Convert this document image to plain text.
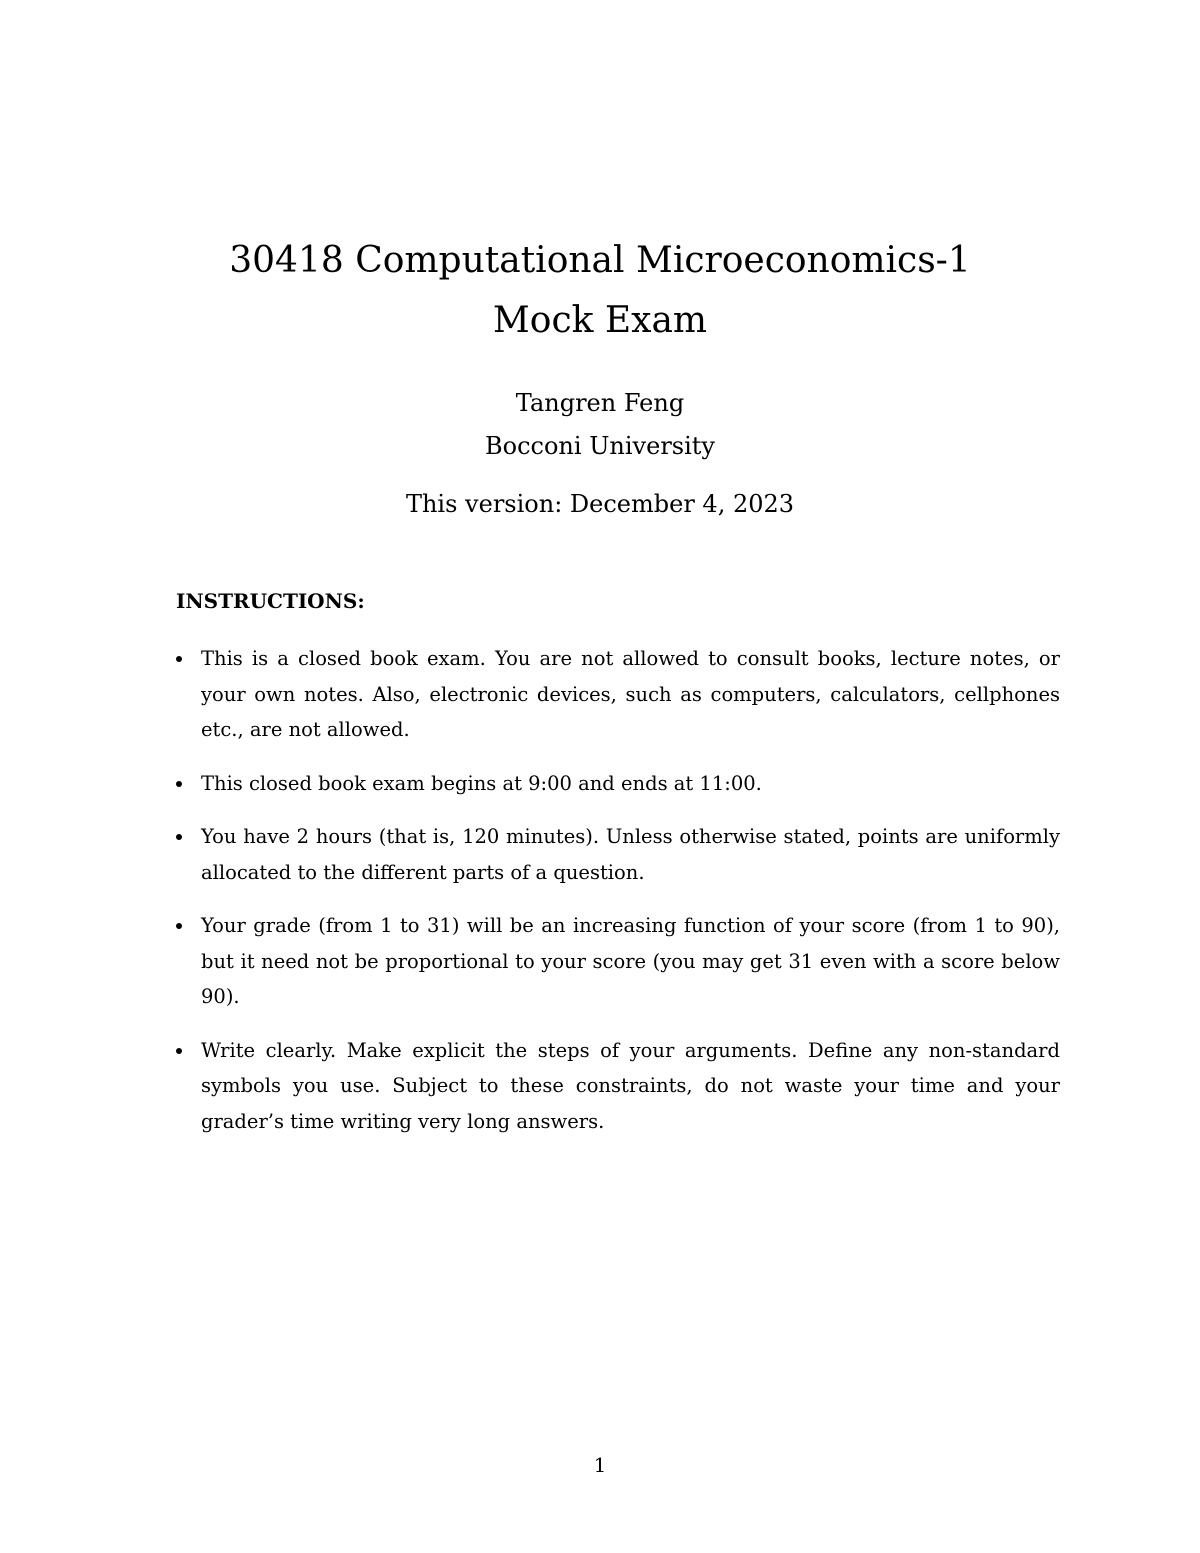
30418 Computational Microeconomics-1
Mock Exam
Tangren Feng
Bocconi University
This version: December 4, 2023
INSTRUCTIONS:
This is a closed book exam. You are not allowed to consult books, lecture notes, or your own notes. Also, electronic devices, such as computers, calculators, cellphones etc., are not allowed.
This closed book exam begins at 9:00 and ends at 11:00.
You have 2 hours (that is, 120 minutes). Unless otherwise stated, points are uniformly allocated to the different parts of a question.
Your grade (from 1 to 31) will be an increasing function of your score (from 1 to 90), but it need not be proportional to your score (you may get 31 even with a score below 90).
Write clearly. Make explicit the steps of your arguments. Define any non-standard symbols you use. Subject to these constraints, do not waste your time and your grader’s time writing very long answers.
1
